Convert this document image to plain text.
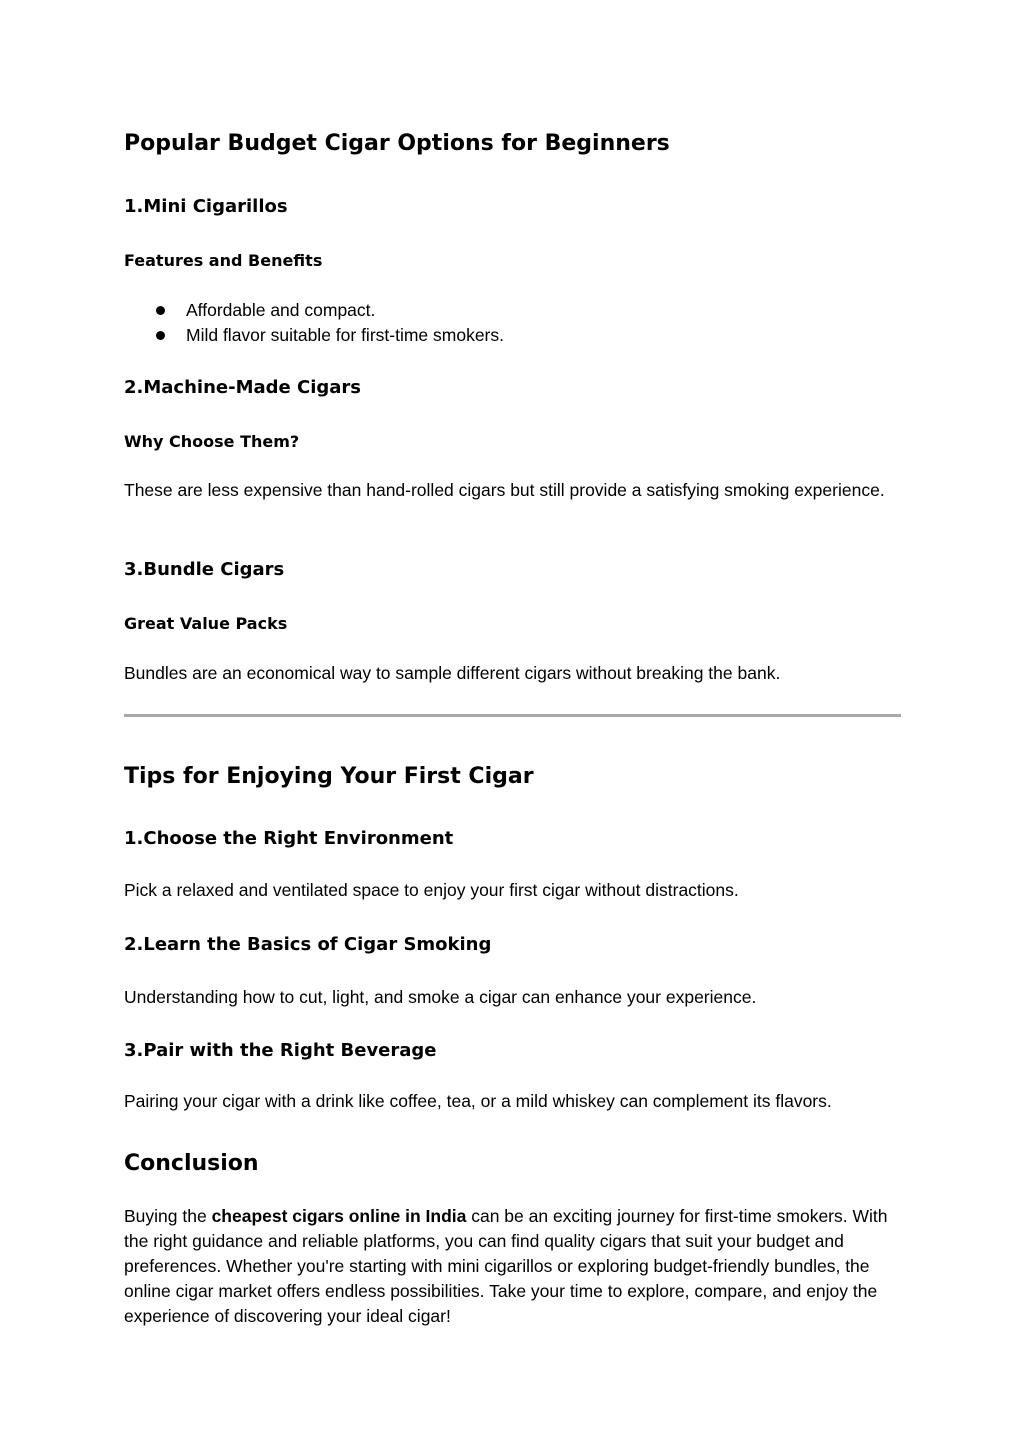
Popular Budget Cigar Options for Beginners
1.Mini Cigarillos
Features and Benefits
Affordable and compact.
Mild flavor suitable for first-time smokers.
2.Machine-Made Cigars
Why Choose Them?

These are less expensive than hand-rolled cigars but still provide a satisfying smoking experience.

3.Bundle Cigars
Great Value Packs

Bundles are an economical way to sample different cigars without breaking the bank.

Tips for Enjoying Your First Cigar
1.Choose the Right Environment

Pick a relaxed and ventilated space to enjoy your first cigar without distractions.

2.Learn the Basics of Cigar Smoking

Understanding how to cut, light, and smoke a cigar can enhance your experience.

3.Pair with the Right Beverage

Pairing your cigar with a drink like coffee, tea, or a mild whiskey can complement its flavors.

Conclusion

Buying the cheapest cigars online in India can be an exciting journey for first-time smokers. With the right guidance and reliable platforms, you can find quality cigars that suit your budget and preferences. Whether you're starting with mini cigarillos or exploring budget-friendly bundles, the online cigar market offers endless possibilities. Take your time to explore, compare, and enjoy the experience of discovering your ideal cigar!
